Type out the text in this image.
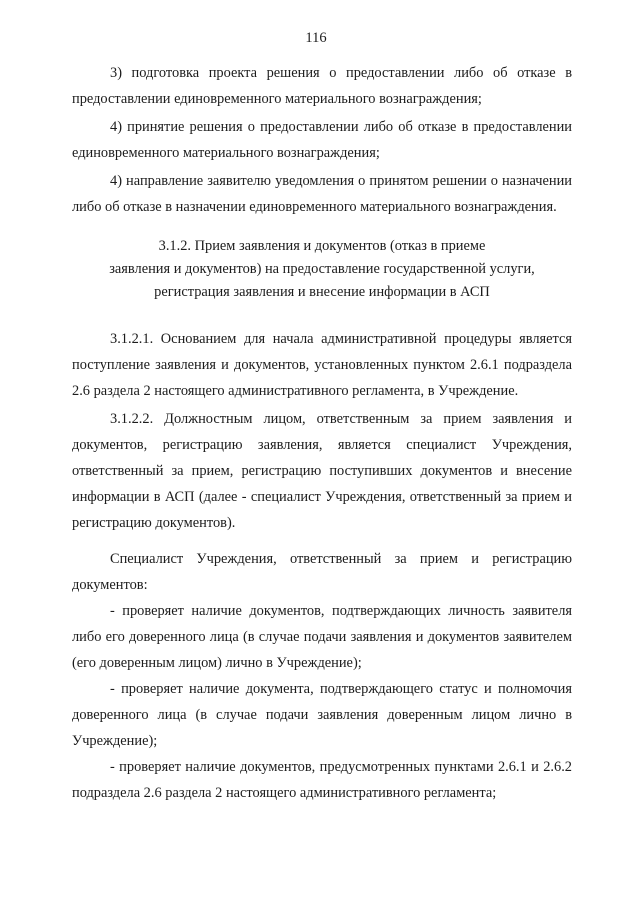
116

3) подготовка проекта решения о предоставлении либо об отказе в предоставлении единовременного материального вознаграждения;

4) принятие решения о предоставлении либо об отказе в предоставлении единовременного материального вознаграждения;

4) направление заявителю уведомления о принятом решении о назначении либо об отказе в назначении единовременного материального вознаграждения.

3.1.2. Прием заявления и документов (отказ в приеме
заявления и документов) на предоставление государственной услуги,
регистрация заявления и внесение информации в АСП

3.1.2.1. Основанием для начала административной процедуры является поступление заявления и документов, установленных пунктом 2.6.1 подраздела 2.6 раздела 2 настоящего административного регламента, в Учреждение.

3.1.2.2. Должностным лицом, ответственным за прием заявления и документов, регистрацию заявления, является специалист Учреждения, ответственный за прием, регистрацию поступивших документов и внесение информации в АСП (далее - специалист Учреждения, ответственный за прием и регистрацию документов).

Специалист Учреждения, ответственный за прием и регистрацию документов:

- проверяет наличие документов, подтверждающих личность заявителя либо его доверенного лица (в случае подачи заявления и документов заявителем (его доверенным лицом) лично в Учреждение);

- проверяет наличие документа, подтверждающего статус и полномочия доверенного лица (в случае подачи заявления доверенным лицом лично в Учреждение);

- проверяет наличие документов, предусмотренных пунктами 2.6.1 и 2.6.2 подраздела 2.6 раздела 2 настоящего административного регламента;
